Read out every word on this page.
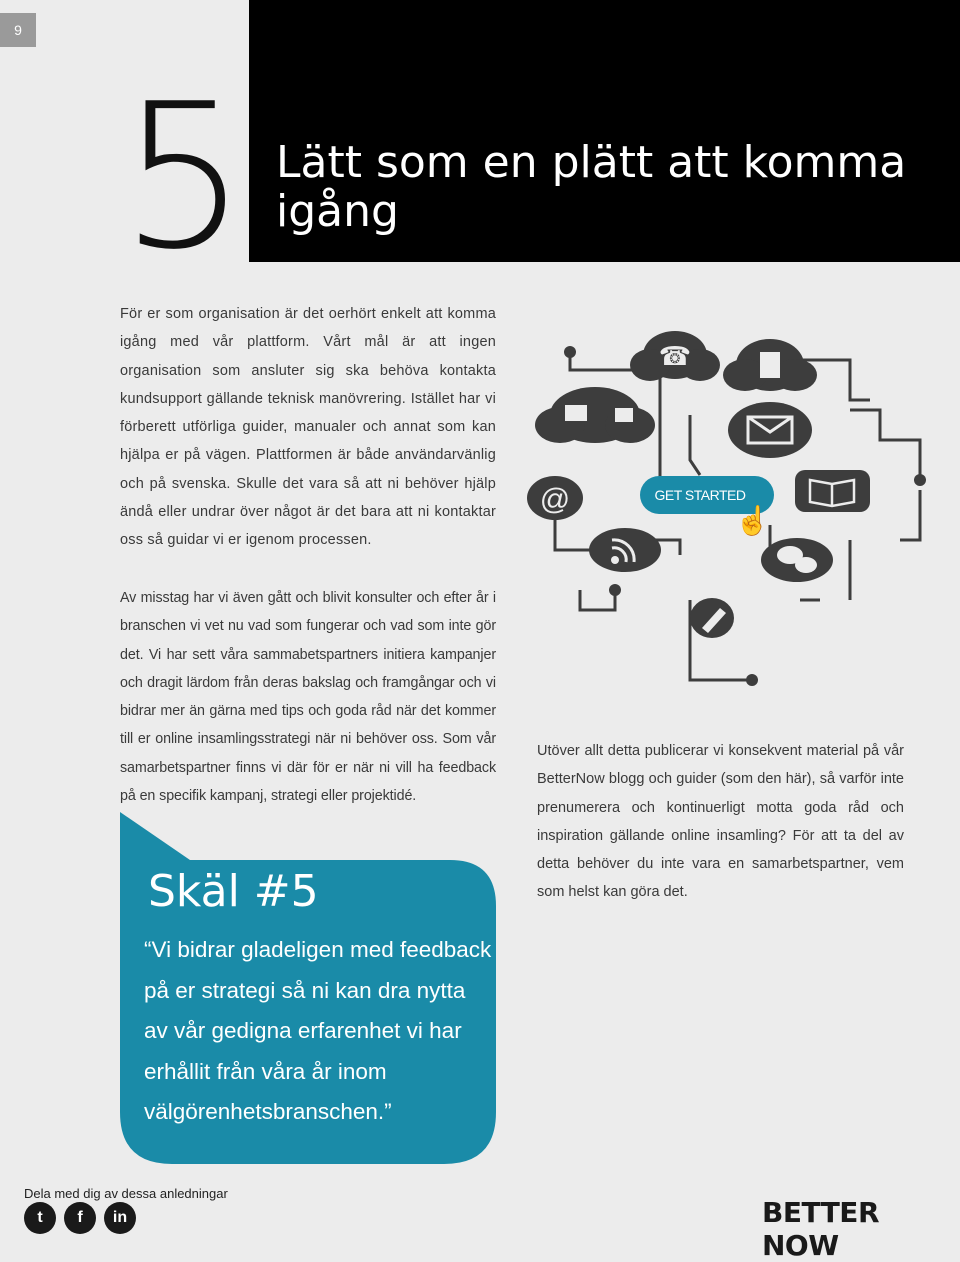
9
5 Lätt som en plätt att komma igång

För er som organisation är det oerhört enkelt att komma igång med vår plattform. Vårt mål är att ingen organisation som ansluter sig ska behöva kontakta kundsupport gällande teknisk manövrering. Istället har vi förberett utförliga guider, manualer och annat som kan hjälpa er på vägen. Plattformen är både användarvänlig och på svenska. Skulle det vara så att ni behöver hjälp ändå eller undrar över något är det bara att ni kontaktar oss så guidar vi er igenom processen.

Av misstag har vi även gått och blivit konsulter och efter år i branschen vi vet nu vad som fungerar och vad som inte gör det. Vi har sett våra sammabetspartners initiera kampanjer och dragit lärdom från deras bakslag och framgångar och vi bidrar mer än gärna med tips och goda råd när det kommer till er online insamlingsstrategi när ni behöver oss. Som vår samarbetspartner finns vi där för er när ni vill ha feedback på en specifik kampanj, strategi eller projektidé.

Utöver allt detta publicerar vi konsekvent material på vår BetterNow blogg och guider (som den här), så varför inte prenumerera och kontinuerligt motta goda råd och inspiration gällande online insamling? För att ta del av detta behöver du inte vara en samarbetspartner, vem som helst kan göra det.

Skäl #5
“Vi bidrar gladeligen med feedback på er strategi så ni kan dra nytta av vår gedigna erfarenhet vi har erhållit från våra år inom välgörenhetsbranschen.”
☎
@	GET STARTED
☝
Dela med dig av dessa anledningar
t	f	in	BETTER NOW
